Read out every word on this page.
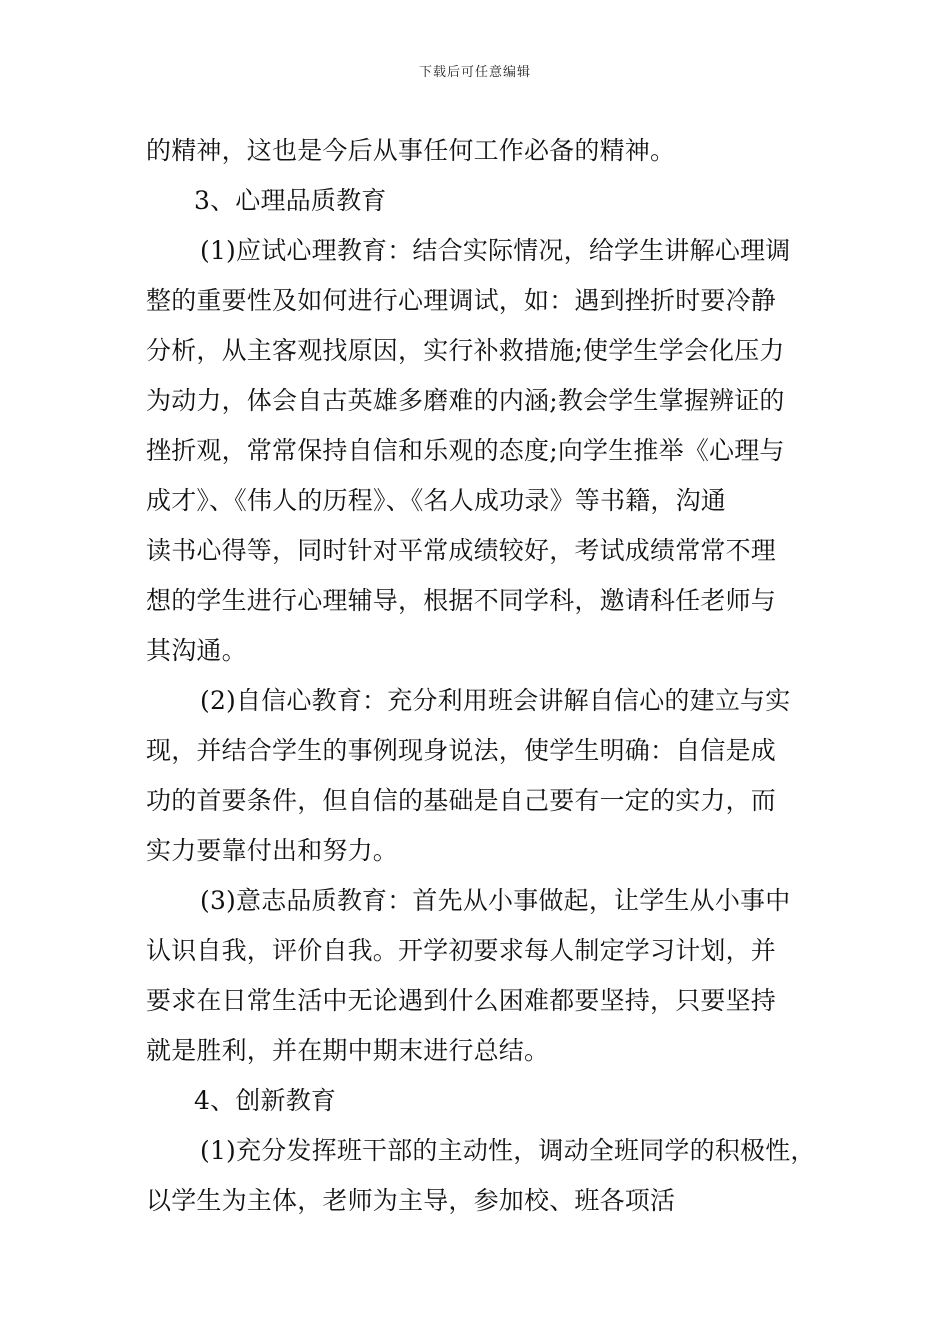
下载后可任意编辑
的精神，这也是今后从事任何工作必备的精神。
3、心理品质教育
(1)应试心理教育：结合实际情况，给学生讲解心理调
整的重要性及如何进行心理调试，如：遇到挫折时要冷静
分析，从主客观找原因，实行补救措施;使学生学会化压力
为动力，体会自古英雄多磨难的内涵;教会学生掌握辨证的
挫折观，常常保持自信和乐观的态度;向学生推举《心理与
成才》、《伟人的历程》、《名人成功录》等书籍，沟通
读书心得等，同时针对平常成绩较好，考试成绩常常不理
想的学生进行心理辅导，根据不同学科，邀请科任老师与
其沟通。
(2)自信心教育：充分利用班会讲解自信心的建立与实
现，并结合学生的事例现身说法，使学生明确：自信是成
功的首要条件，但自信的基础是自己要有一定的实力，而
实力要靠付出和努力。
(3)意志品质教育：首先从小事做起，让学生从小事中
认识自我，评价自我。开学初要求每人制定学习计划，并
要求在日常生活中无论遇到什么困难都要坚持，只要坚持
就是胜利，并在期中期末进行总结。
4、创新教育
(1)充分发挥班干部的主动性，调动全班同学的积极性，
以学生为主体，老师为主导，参加校、班各项活
